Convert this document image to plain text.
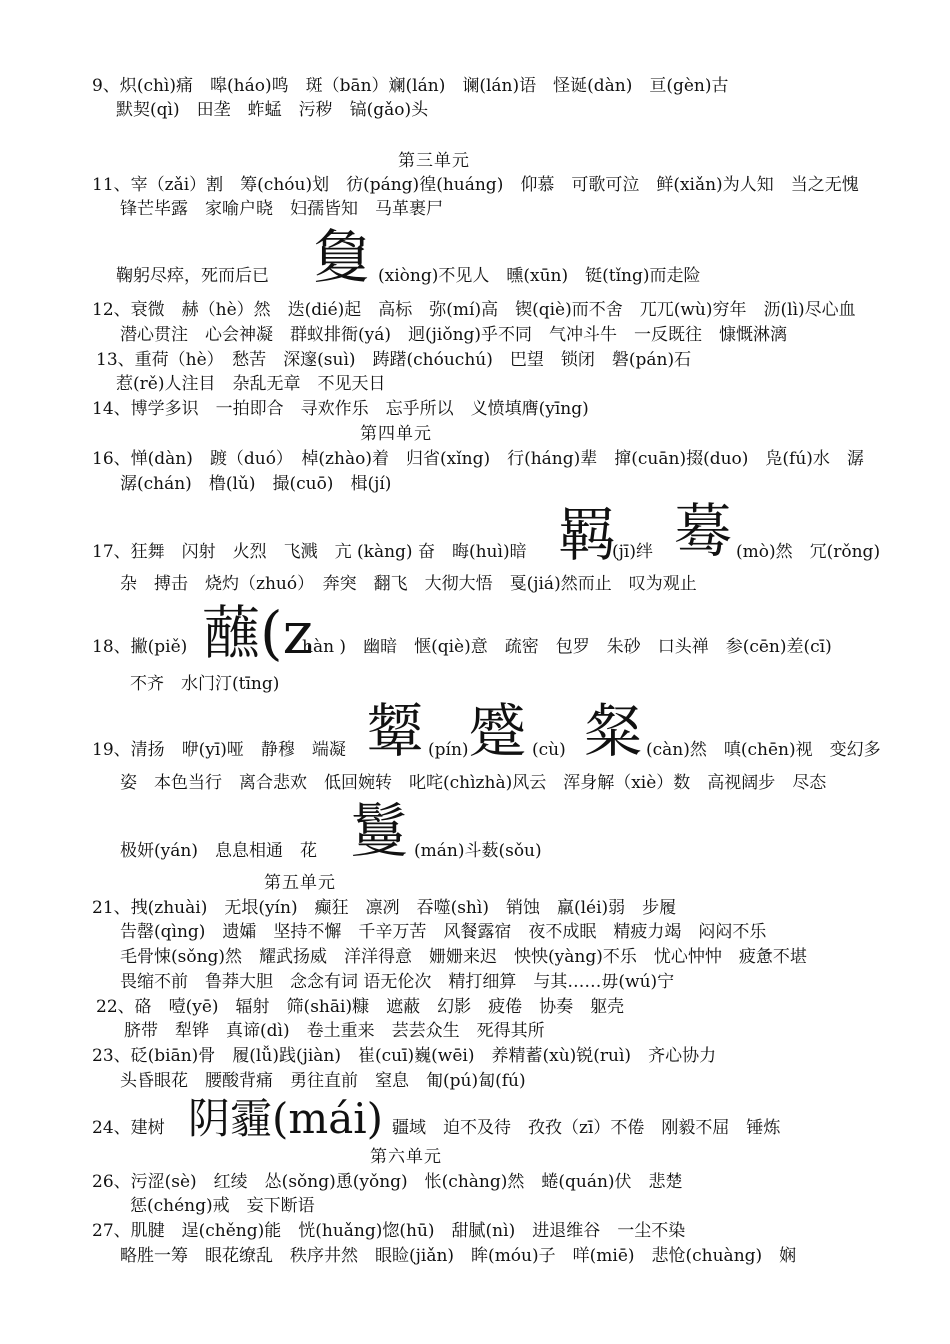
9、炽(chì)痛　嗥(háo)鸣　斑（bān）斓(lán)　谰(lán)语　怪诞(dàn)　亘(gèn)古

默契(qì)　田垄　蚱蜢　污秽　镐(gǎo)头

第三单元

11、宰（zǎi）割　筹(chóu)划　彷(páng)徨(huáng)　仰慕　可歌可泣　鲜(xiǎn)为人知　当之无愧

锋芒毕露　家喻户晓　妇孺皆知　马革裹尸

鞠躬尽瘁，死而后已 敻 (xiòng)不见人　曛(xūn)　铤(tǐng)而走险

12、衰微　赫（hè）然　迭(dié)起　高标　弥(mí)高　锲(qiè)而不舍　兀兀(wù)穷年　沥(lì)尽心血

潜心贯注　心会神凝　群蚁排衙(yá)　迥(jiǒng)乎不同　气冲斗牛　一反既往　慷慨淋漓

13、重荷（hè）　愁苦　深邃(suì)　踌躇(chóuchú)　巴望　锁闭　磐(pán)石

惹(rě)人注目　杂乱无章　不见天日

14、博学多识　一拍即合　寻欢作乐　忘乎所以　义愤填膺(yīng)

第四单元

16、惮(dàn)　踱（duó）　棹(zhào)着　归省(xǐng)　行(háng)辈　撺(cuān)掇(duo)　凫(fú)水　潺

潺(chán)　橹(lǔ)　撮(cuō)　楫(jí)

17、狂舞　闪射　火烈　飞溅　亢 (kàng) 奋　晦(huì)暗 羁

(jī)绊 蓦 (mò)然　冗(rǒng)

杂　搏击　烧灼（zhuó）　奔突　翻飞　大彻大悟　戛(jiá)然而止　叹为观止

18、撇(piě) 蘸(z

hàn )　幽暗　惬(qiè)意　疏密　包罗　朱砂　口头禅　参(cēn)差(cī)

不齐　水门汀(tīng)

19、清扬　咿(yī)哑　静穆　端凝 颦 (pín) 蹙 (cù) 粲 (càn)然　嗔(chēn)视　变幻多

姿　本色当行　离合悲欢　低回婉转　叱咤(chìzhà)风云　浑身解（xiè）数　高视阔步　尽态

极妍(yán)　息息相通　花 鬘 (mán)斗薮(sǒu)

第五单元

21、拽(zhuài)　无垠(yín)　癫狂　凛冽　吞噬(shì)　销蚀　羸(léi)弱　步履

告罄(qìng)　遗孀　坚持不懈　千辛万苦　风餐露宿　夜不成眠　精疲力竭　闷闷不乐

毛骨悚(sǒng)然　耀武扬威　洋洋得意　姗姗来迟　怏怏(yàng)不乐　忧心忡忡　疲惫不堪

畏缩不前　鲁莽大胆　念念有词 语无伦次　精打细算　与其……毋(wú)宁

22、硌　噎(yē)　辐射　筛(shāi)糠　遮蔽　幻影　疲倦　协奏　躯壳

脐带　犁铧　真谛(dì)　卷土重来　芸芸众生　死得其所

23、砭(biān)骨　履(lǚ)践(jiàn)　崔(cuī)巍(wēi)　养精蓄(xù)锐(ruì)　齐心协力

头昏眼花　腰酸背痛　勇往直前　窒息　匍(pú)匐(fú)

24、建树 阴霾(mái) 疆域　迫不及待　孜孜（zī）不倦　刚毅不屈　锤炼

第六单元

26、污涩(sè)　红绫　怂(sǒng)恿(yǒng)　怅(chàng)然　蜷(quán)伏　悲楚

惩(chéng)戒　妄下断语

27、肌腱　逞(chěng)能　恍(huǎng)惚(hū)　甜腻(nì)　进退维谷　一尘不染

略胜一筹　眼花缭乱　秩序井然　眼睑(jiǎn)　眸(móu)子　咩(miē)　悲怆(chuàng)　娴
